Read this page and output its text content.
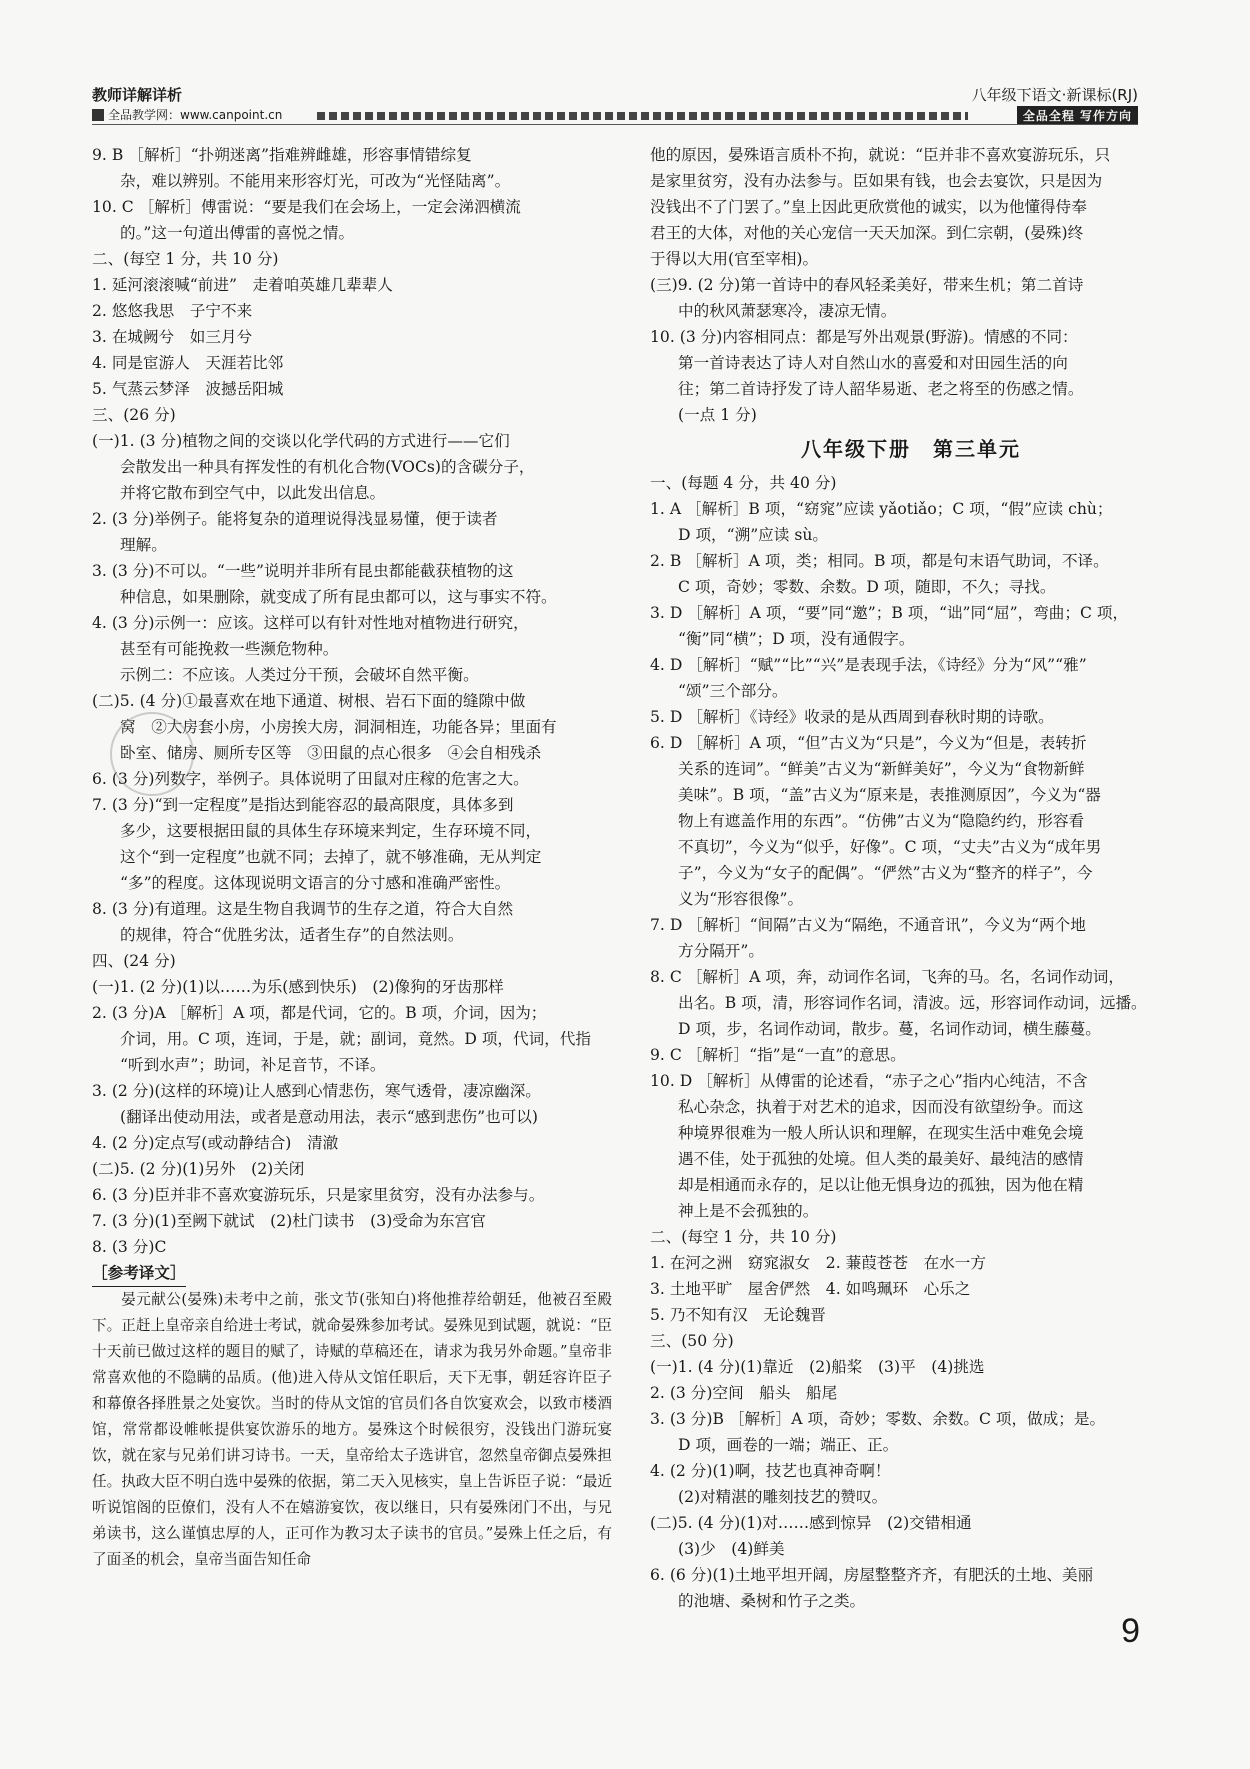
教师详解详析
全品教学网：www.canpoint.cn
八年级下语文·新课标(RJ)
全品全程 写作方向
9. B ［解析］“扑朔迷离”指难辨雌雄，形容事情错综复
杂，难以辨别。不能用来形容灯光，可改为“光怪陆离”。
10. C ［解析］傅雷说：“要是我们在会场上，一定会涕泗横流
的。”这一句道出傅雷的喜悦之情。
二、(每空 1 分，共 10 分)
1. 延河滚滚喊“前进”　走着咱英雄几辈辈人
2. 悠悠我思　子宁不来
3. 在城阙兮　如三月兮
4. 同是宦游人　天涯若比邻
5. 气蒸云梦泽　波撼岳阳城
三、(26 分)
(一)1. (3 分)植物之间的交谈以化学代码的方式进行——它们
会散发出一种具有挥发性的有机化合物(VOCs)的含碳分子，
并将它散布到空气中，以此发出信息。
2. (3 分)举例子。能将复杂的道理说得浅显易懂，便于读者
理解。
3. (3 分)不可以。“一些”说明并非所有昆虫都能截获植物的这
种信息，如果删除，就变成了所有昆虫都可以，这与事实不符。
4. (3 分)示例一：应该。这样可以有针对性地对植物进行研究，
甚至有可能挽救一些濒危物种。
示例二：不应该。人类过分干预，会破坏自然平衡。
(二)5. (4 分)①最喜欢在地下通道、树根、岩石下面的缝隙中做
窝　②大房套小房，小房挨大房，洞洞相连，功能各异；里面有
卧室、储房、厕所专区等　③田鼠的点心很多　④会自相残杀
6. (3 分)列数字，举例子。具体说明了田鼠对庄稼的危害之大。
7. (3 分)“到一定程度”是指达到能容忍的最高限度，具体多到
多少，这要根据田鼠的具体生存环境来判定，生存环境不同，
这个“到一定程度”也就不同；去掉了，就不够准确，无从判定
“多”的程度。这体现说明文语言的分寸感和准确严密性。
8. (3 分)有道理。这是生物自我调节的生存之道，符合大自然
的规律，符合“优胜劣汰，适者生存”的自然法则。
四、(24 分)
(一)1. (2 分)(1)以……为乐(感到快乐)　(2)像狗的牙齿那样
2. (3 分)A ［解析］A 项，都是代词，它的。B 项，介词，因为；
介词，用。C 项，连词，于是，就；副词，竟然。D 项，代词，代指
“听到水声”；助词，补足音节，不译。
3. (2 分)(这样的环境)让人感到心情悲伤，寒气透骨，凄凉幽深。
(翻译出使动用法，或者是意动用法，表示“感到悲伤”也可以)
4. (2 分)定点写(或动静结合)　清澈
(二)5. (2 分)(1)另外　(2)关闭
6. (3 分)臣并非不喜欢宴游玩乐，只是家里贫穷，没有办法参与。
7. (3 分)(1)至阙下就试　(2)杜门读书　(3)受命为东宫官
8. (3 分)C
［参考译文］
晏元献公(晏殊)未考中之前，张文节(张知白)将他推荐给朝廷，他被召至殿下。正赶上皇帝亲自给进士考试，就命晏殊参加考试。晏殊见到试题，就说：“臣十天前已做过这样的题目的赋了，诗赋的草稿还在，请求为我另外命题。”皇帝非常喜欢他的不隐瞒的品质。(他)进入侍从文馆任职后，天下无事，朝廷容许臣子和幕僚各择胜景之处宴饮。当时的侍从文馆的官员们各自饮宴欢会，以致市楼酒馆，常常都设帷帐提供宴饮游乐的地方。晏殊这个时候很穷，没钱出门游玩宴饮，就在家与兄弟们讲习诗书。一天，皇帝给太子选讲官，忽然皇帝御点晏殊担任。执政大臣不明白选中晏殊的依据，第二天入见核实，皇上告诉臣子说：“最近听说馆阁的臣僚们，没有人不在嬉游宴饮，夜以继日，只有晏殊闭门不出，与兄弟读书，这么谨慎忠厚的人，正可作为教习太子读书的官员。”晏殊上任之后，有了面圣的机会，皇帝当面告知任命
他的原因，晏殊语言质朴不拘，就说：“臣并非不喜欢宴游玩乐，只
是家里贫穷，没有办法参与。臣如果有钱，也会去宴饮，只是因为
没钱出不了门罢了。”皇上因此更欣赏他的诚实，以为他懂得侍奉
君王的大体，对他的关心宠信一天天加深。到仁宗朝，(晏殊)终
于得以大用(官至宰相)。
(三)9. (2 分)第一首诗中的春风轻柔美好，带来生机；第二首诗
中的秋风萧瑟寒冷，凄凉无情。
10. (3 分)内容相同点：都是写外出观景(野游)。情感的不同：
第一首诗表达了诗人对自然山水的喜爱和对田园生活的向
往；第二首诗抒发了诗人韶华易逝、老之将至的伤感之情。
(一点 1 分)
八年级下册　第三单元
一、(每题 4 分，共 40 分)
1. A ［解析］B 项，“窈窕”应读 yǎotiǎo；C 项，“假”应读 chù；
D 项，“溯”应读 sù。
2. B ［解析］A 项，类；相同。B 项，都是句末语气助词，不译。
C 项，奇妙；零数、余数。D 项，随即，不久；寻找。
3. D ［解析］A 项，“要”同“邀”；B 项，“诎”同“屈”，弯曲；C 项，
“衡”同“横”；D 项，没有通假字。
4. D ［解析］“赋”“比”“兴”是表现手法，《诗经》分为“风”“雅”
“颂”三个部分。
5. D ［解析］《诗经》收录的是从西周到春秋时期的诗歌。
6. D ［解析］A 项，“但”古义为“只是”，今义为“但是，表转折
关系的连词”。“鲜美”古义为“新鲜美好”，今义为“食物新鲜
美味”。B 项，“盖”古义为“原来是，表推测原因”，今义为“器
物上有遮盖作用的东西”。“仿佛”古义为“隐隐约约，形容看
不真切”，今义为“似乎，好像”。C 项，“丈夫”古义为“成年男
子”，今义为“女子的配偶”。“俨然”古义为“整齐的样子”，今
义为“形容很像”。
7. D ［解析］“间隔”古义为“隔绝，不通音讯”，今义为“两个地
方分隔开”。
8. C ［解析］A 项，奔，动词作名词，飞奔的马。名，名词作动词，
出名。B 项，清，形容词作名词，清波。远，形容词作动词，远播。
D 项，步，名词作动词，散步。蔓，名词作动词，横生藤蔓。
9. C ［解析］“指”是“一直”的意思。
10. D ［解析］从傅雷的论述看，“赤子之心”指内心纯洁，不含
私心杂念，执着于对艺术的追求，因而没有欲望纷争。而这
种境界很难为一般人所认识和理解，在现实生活中难免会境
遇不佳，处于孤独的处境。但人类的最美好、最纯洁的感情
却是相通而永存的，足以让他无惧身边的孤独，因为他在精
神上是不会孤独的。
二、(每空 1 分，共 10 分)
1. 在河之洲　窈窕淑女　2. 蒹葭苍苍　在水一方
3. 土地平旷　屋舍俨然　4. 如鸣珮环　心乐之
5. 乃不知有汉　无论魏晋
三、(50 分)
(一)1. (4 分)(1)靠近　(2)船桨　(3)平　(4)挑选
2. (3 分)空间　船头　船尾
3. (3 分)B ［解析］A 项，奇妙；零数、余数。C 项，做成；是。
D 项，画卷的一端；端正、正。
4. (2 分)(1)啊，技艺也真神奇啊！
(2)对精湛的雕刻技艺的赞叹。
(二)5. (4 分)(1)对……感到惊异　(2)交错相通
(3)少　(4)鲜美
6. (6 分)(1)土地平坦开阔，房屋整整齐齐，有肥沃的土地、美丽
的池塘、桑树和竹子之类。
9
